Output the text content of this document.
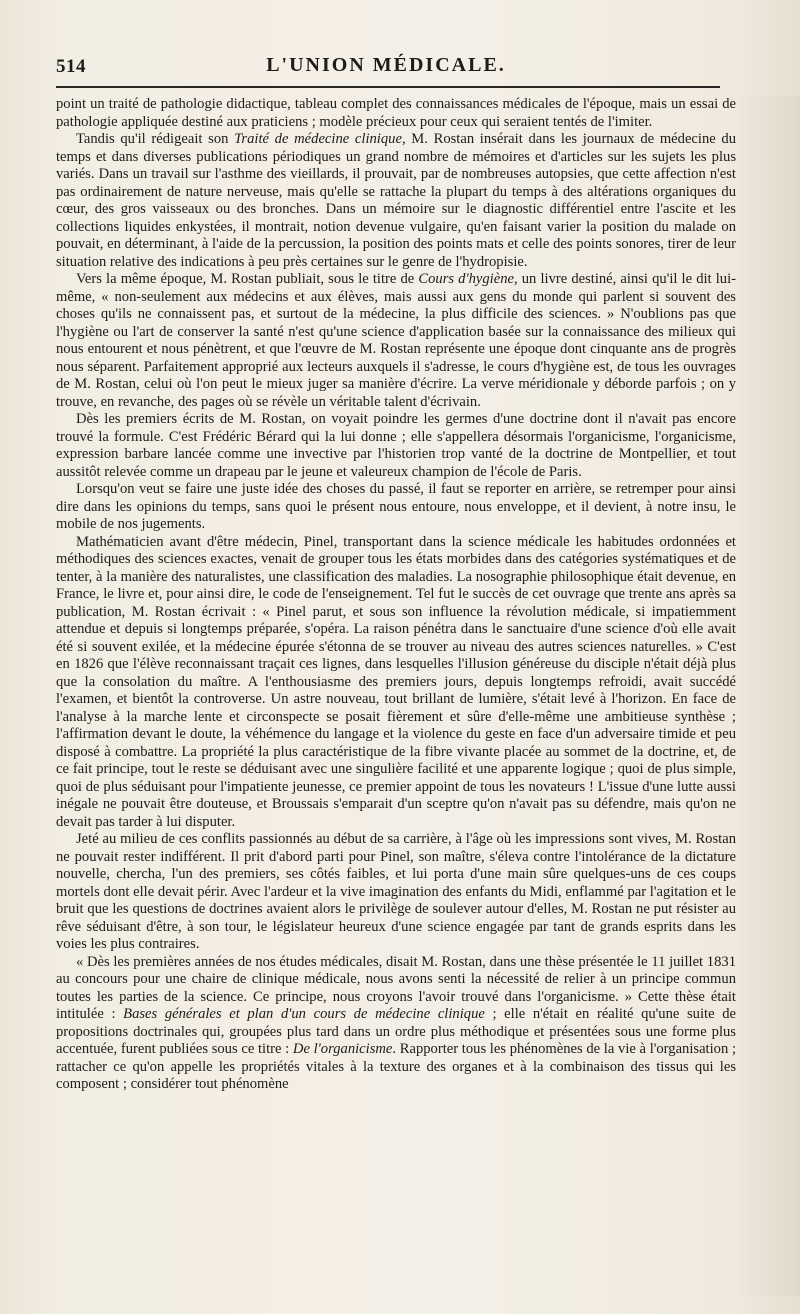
514	L'UNION MÉDICALE.

point un traité de pathologie didactique, tableau complet des connaissances médicales de l'époque, mais un essai de pathologie appliquée destiné aux praticiens ; modèle précieux pour ceux qui seraient tentés de l'imiter.

Tandis qu'il rédigeait son Traité de médecine clinique, M. Rostan insérait dans les journaux de médecine du temps et dans diverses publications périodiques un grand nombre de mémoires et d'articles sur les sujets les plus variés. Dans un travail sur l'asthme des vieillards, il prouvait, par de nombreuses autopsies, que cette affection n'est pas ordinairement de nature nerveuse, mais qu'elle se rattache la plupart du temps à des altérations organiques du cœur, des gros vaisseaux ou des bronches. Dans un mémoire sur le diagnostic différentiel entre l'ascite et les collections liquides enkystées, il montrait, notion devenue vulgaire, qu'en faisant varier la position du malade on pouvait, en déterminant, à l'aide de la percussion, la position des points mats et celle des points sonores, tirer de leur situation relative des indications à peu près certaines sur le genre de l'hydropisie.

Vers la même époque, M. Rostan publiait, sous le titre de Cours d'hygiène, un livre destiné, ainsi qu'il le dit lui-même, « non-seulement aux médecins et aux élèves, mais aussi aux gens du monde qui parlent si souvent des choses qu'ils ne connaissent pas, et surtout de la médecine, la plus difficile des sciences. » N'oublions pas que l'hygiène ou l'art de conserver la santé n'est qu'une science d'application basée sur la connaissance des milieux qui nous entourent et nous pénètrent, et que l'œuvre de M. Rostan représente une époque dont cinquante ans de progrès nous séparent. Parfaitement approprié aux lecteurs auxquels il s'adresse, le cours d'hygiène est, de tous les ouvrages de M. Rostan, celui où l'on peut le mieux juger sa manière d'écrire. La verve méridionale y déborde parfois ; on y trouve, en revanche, des pages où se révèle un véritable talent d'écrivain.

Dès les premiers écrits de M. Rostan, on voyait poindre les germes d'une doctrine dont il n'avait pas encore trouvé la formule. C'est Frédéric Bérard qui la lui donne ; elle s'appellera désormais l'organicisme, l'organicisme, expression barbare lancée comme une invective par l'historien trop vanté de la doctrine de Montpellier, et tout aussitôt relevée comme un drapeau par le jeune et valeureux champion de l'école de Paris.

Lorsqu'on veut se faire une juste idée des choses du passé, il faut se reporter en arrière, se retremper pour ainsi dire dans les opinions du temps, sans quoi le présent nous entoure, nous enveloppe, et il devient, à notre insu, le mobile de nos jugements.

Mathématicien avant d'être médecin, Pinel, transportant dans la science médicale les habitudes ordonnées et méthodiques des sciences exactes, venait de grouper tous les états morbides dans des catégories systématiques et de tenter, à la manière des naturalistes, une classification des maladies. La nosographie philosophique était devenue, en France, le livre et, pour ainsi dire, le code de l'enseignement. Tel fut le succès de cet ouvrage que trente ans après sa publication, M. Rostan écrivait : « Pinel parut, et sous son influence la révolution médicale, si impatiemment attendue et depuis si longtemps préparée, s'opéra. La raison pénétra dans le sanctuaire d'une science d'où elle avait été si souvent exilée, et la médecine épurée s'étonna de se trouver au niveau des autres sciences naturelles. » C'est en 1826 que l'élève reconnaissant traçait ces lignes, dans lesquelles l'illusion généreuse du disciple n'était déjà plus que la consolation du maître. A l'enthousiasme des premiers jours, depuis longtemps refroidi, avait succédé l'examen, et bientôt la controverse. Un astre nouveau, tout brillant de lumière, s'était levé à l'horizon. En face de l'analyse à la marche lente et circonspecte se posait fièrement et sûre d'elle-même une ambitieuse synthèse ; l'affirmation devant le doute, la véhémence du langage et la violence du geste en face d'un adversaire timide et peu disposé à combattre. La propriété la plus caractéristique de la fibre vivante placée au sommet de la doctrine, et, de ce fait principe, tout le reste se déduisant avec une singulière facilité et une apparente logique ; quoi de plus simple, quoi de plus séduisant pour l'impatiente jeunesse, ce premier appoint de tous les novateurs ! L'issue d'une lutte aussi inégale ne pouvait être douteuse, et Broussais s'emparait d'un sceptre qu'on n'avait pas su défendre, mais qu'on ne devait pas tarder à lui disputer.

Jeté au milieu de ces conflits passionnés au début de sa carrière, à l'âge où les impressions sont vives, M. Rostan ne pouvait rester indifférent. Il prit d'abord parti pour Pinel, son maître, s'éleva contre l'intolérance de la dictature nouvelle, chercha, l'un des premiers, ses côtés faibles, et lui porta d'une main sûre quelques-uns de ces coups mortels dont elle devait périr. Avec l'ardeur et la vive imagination des enfants du Midi, enflammé par l'agitation et le bruit que les questions de doctrines avaient alors le privilège de soulever autour d'elles, M. Rostan ne put résister au rêve séduisant d'être, à son tour, le législateur heureux d'une science engagée par tant de grands esprits dans les voies les plus contraires.

« Dès les premières années de nos études médicales, disait M. Rostan, dans une thèse présentée le 11 juillet 1831 au concours pour une chaire de clinique médicale, nous avons senti la nécessité de relier à un principe commun toutes les parties de la science. Ce principe, nous croyons l'avoir trouvé dans l'organicisme. » Cette thèse était intitulée : Bases générales et plan d'un cours de médecine clinique ; elle n'était en réalité qu'une suite de propositions doctrinales qui, groupées plus tard dans un ordre plus méthodique et présentées sous une forme plus accentuée, furent publiées sous ce titre : De l'organicisme. Rapporter tous les phénomènes de la vie à l'organisation ; rattacher ce qu'on appelle les propriétés vitales à la texture des organes et à la combinaison des tissus qui les composent ; considérer tout phénomène
